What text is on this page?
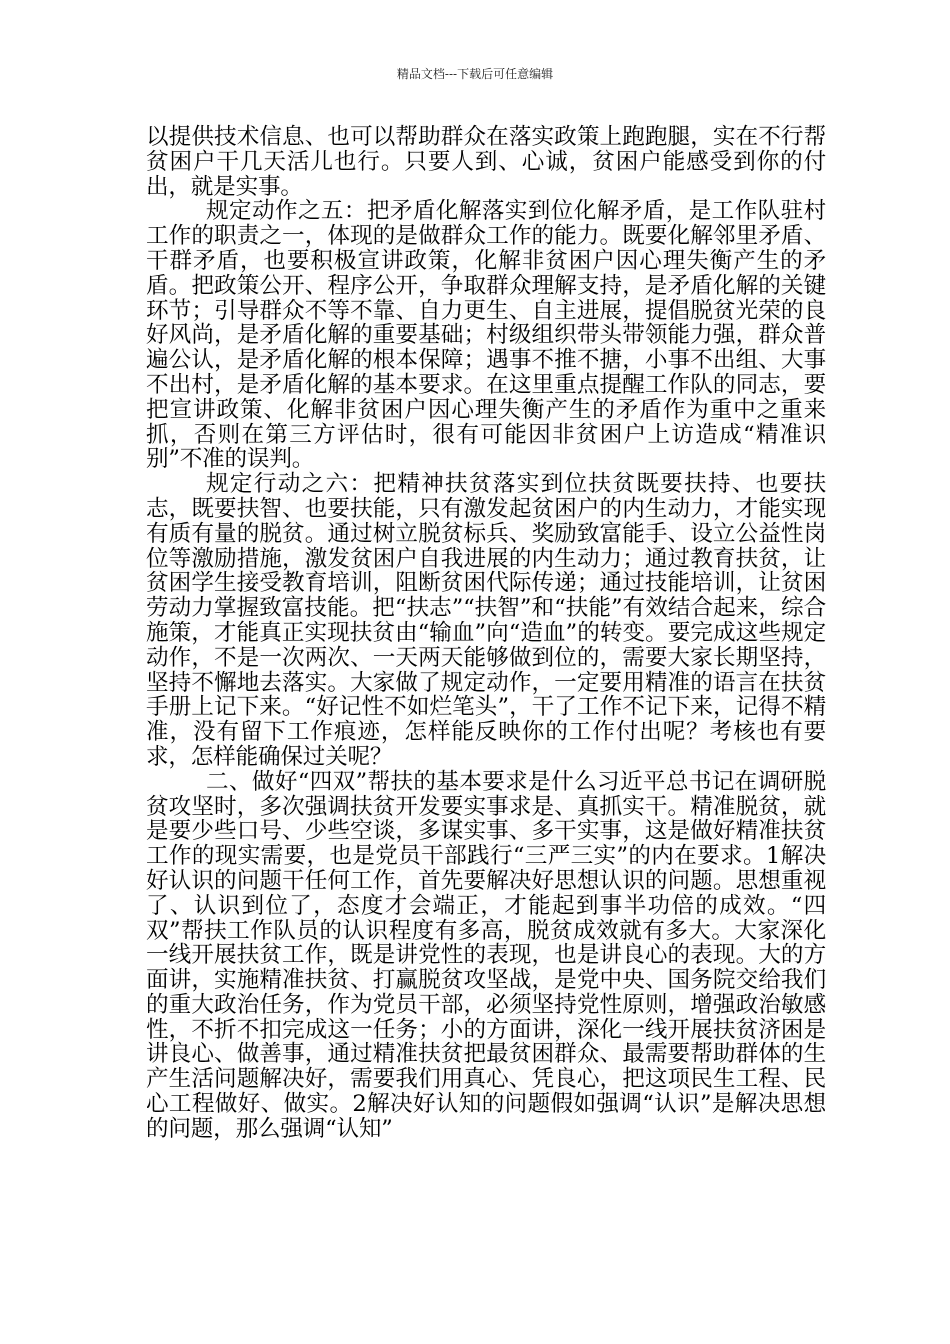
精品文档---下载后可任意编辑

以提供技术信息、也可以帮助群众在落实政策上跑跑腿，实在不行帮贫困户干几天活儿也行。只要人到、心诚，贫困户能感受到你的付出，就是实事。

规定动作之五：把矛盾化解落实到位化解矛盾，是工作队驻村工作的职责之一，体现的是做群众工作的能力。既要化解邻里矛盾、干群矛盾，也要积极宣讲政策，化解非贫困户因心理失衡产生的矛盾。把政策公开、程序公开，争取群众理解支持，是矛盾化解的关键环节；引导群众不等不靠、自力更生、自主进展，提倡脱贫光荣的良好风尚，是矛盾化解的重要基础；村级组织带头带领能力强，群众普遍公认，是矛盾化解的根本保障；遇事不推不搪，小事不出组、大事不出村，是矛盾化解的基本要求。在这里重点提醒工作队的同志，要把宣讲政策、化解非贫困户因心理失衡产生的矛盾作为重中之重来抓，否则在第三方评估时，很有可能因非贫困户上访造成“精准识别”不准的误判。

规定行动之六：把精神扶贫落实到位扶贫既要扶持、也要扶志，既要扶智、也要扶能，只有激发起贫困户的内生动力，才能实现有质有量的脱贫。通过树立脱贫标兵、奖励致富能手、设立公益性岗位等激励措施，激发贫困户自我进展的内生动力；通过教育扶贫，让贫困学生接受教育培训，阻断贫困代际传递；通过技能培训，让贫困劳动力掌握致富技能。把“扶志”“扶智”和“扶能”有效结合起来，综合施策，才能真正实现扶贫由“输血”向“造血”的转变。要完成这些规定动作，不是一次两次、一天两天能够做到位的，需要大家长期坚持，坚持不懈地去落实。大家做了规定动作，一定要用精准的语言在扶贫手册上记下来。“好记性不如烂笔头”，干了工作不记下来，记得不精准，没有留下工作痕迹，怎样能反映你的工作付出呢？考核也有要求，怎样能确保过关呢？

二、做好“四双”帮扶的基本要求是什么习近平总书记在调研脱贫攻坚时，多次强调扶贫开发要实事求是、真抓实干。精准脱贫，就是要少些口号、少些空谈，多谋实事、多干实事，这是做好精准扶贫工作的现实需要，也是党员干部践行“三严三实”的内在要求。1解决好认识的问题干任何工作，首先要解决好思想认识的问题。思想重视了、认识到位了，态度才会端正，才能起到事半功倍的成效。“四双”帮扶工作队员的认识程度有多高，脱贫成效就有多大。大家深化一线开展扶贫工作，既是讲党性的表现，也是讲良心的表现。大的方面讲，实施精准扶贫、打赢脱贫攻坚战，是党中央、国务院交给我们的重大政治任务，作为党员干部，必须坚持党性原则，增强政治敏感性，不折不扣完成这一任务；小的方面讲，深化一线开展扶贫济困是讲良心、做善事，通过精准扶贫把最贫困群众、最需要帮助群体的生产生活问题解决好，需要我们用真心、凭良心，把这项民生工程、民心工程做好、做实。2解决好认知的问题假如强调“认识”是解决思想的问题，那么强调“认知”
